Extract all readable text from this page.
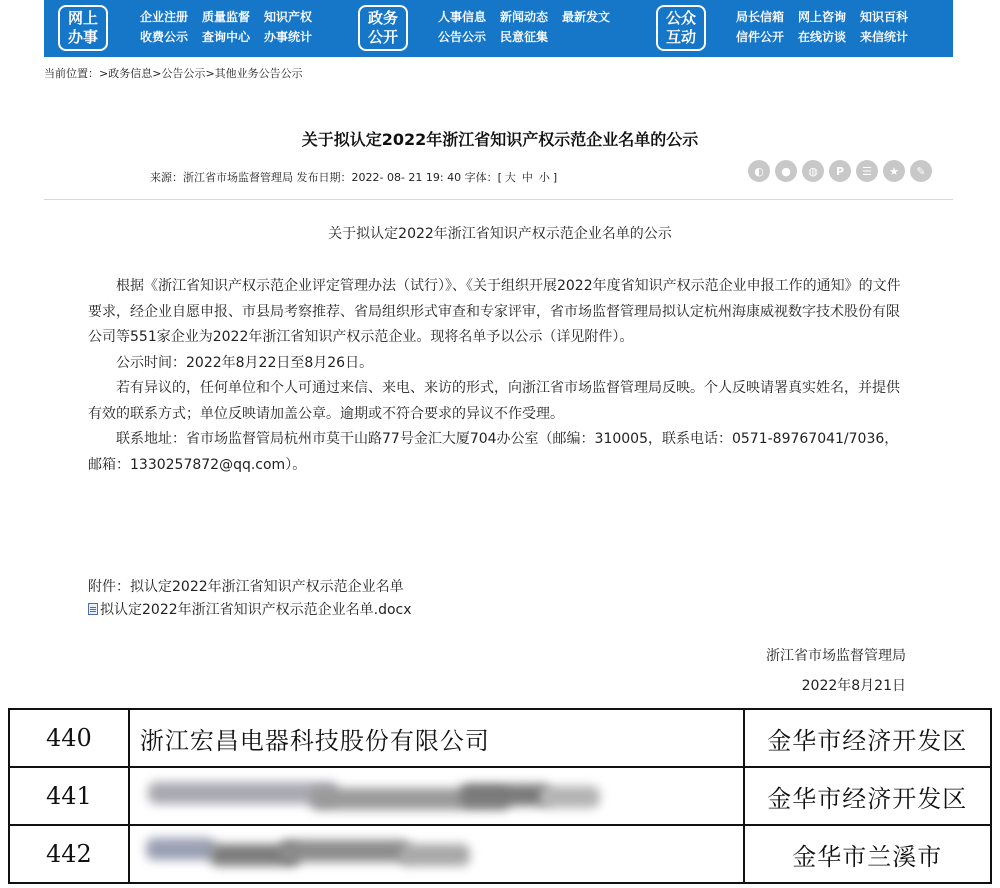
网上
办事
企业注册
收费公示
质量监督
查询中心
知识产权
办事统计
政务
公开
人事信息
公告公示
新闻动态
民意征集
最新发文	公众
互动
局长信箱
信件公开
网上咨询
在线访谈
知识百科
来信统计
当前位置：>政务信息>公告公示>其他业务公告公示
关于拟认定2022年浙江省知识产权示范企业名单的公示
来源：浙江省市场监督管理局 发布日期：2022- 08- 21 19: 40 字体：[ 大 中 小 ]	◐	●	◍	P	☰	★	✎
关于拟认定2022年浙江省知识产权示范企业名单的公示

根据《浙江省知识产权示范企业评定管理办法（试行）》、《关于组织开展2022年度省知识产权示范企业申报工作的通知》的文件要求，经企业自愿申报、市县局考察推荐、省局组织形式审查和专家评审，省市场监督管理局拟认定杭州海康威视数字技术股份有限公司等551家企业为2022年浙江省知识产权示范企业。现将名单予以公示（详见附件）。

公示时间：2022年8月22日至8月26日。

若有异议的，任何单位和个人可通过来信、来电、来访的形式，向浙江省市场监督管理局反映。个人反映请署真实姓名，并提供有效的联系方式；单位反映请加盖公章。逾期或不符合要求的异议不作受理。

联系地址：省市场监督管局杭州市莫干山路77号金汇大厦704办公室（邮编：310005，联系电话：0571-89767041/7036，邮箱：1330257872@qq.com）。

附件：拟认定2022年浙江省知识产权示范企业名单
拟认定2022年浙江省知识产权示范企业名单.docx
浙江省市场监督管理局
2022年8月21日
440	浙江宏昌电器科技股份有限公司	金华市经济开发区
441		金华市经济开发区
442		金华市兰溪市
